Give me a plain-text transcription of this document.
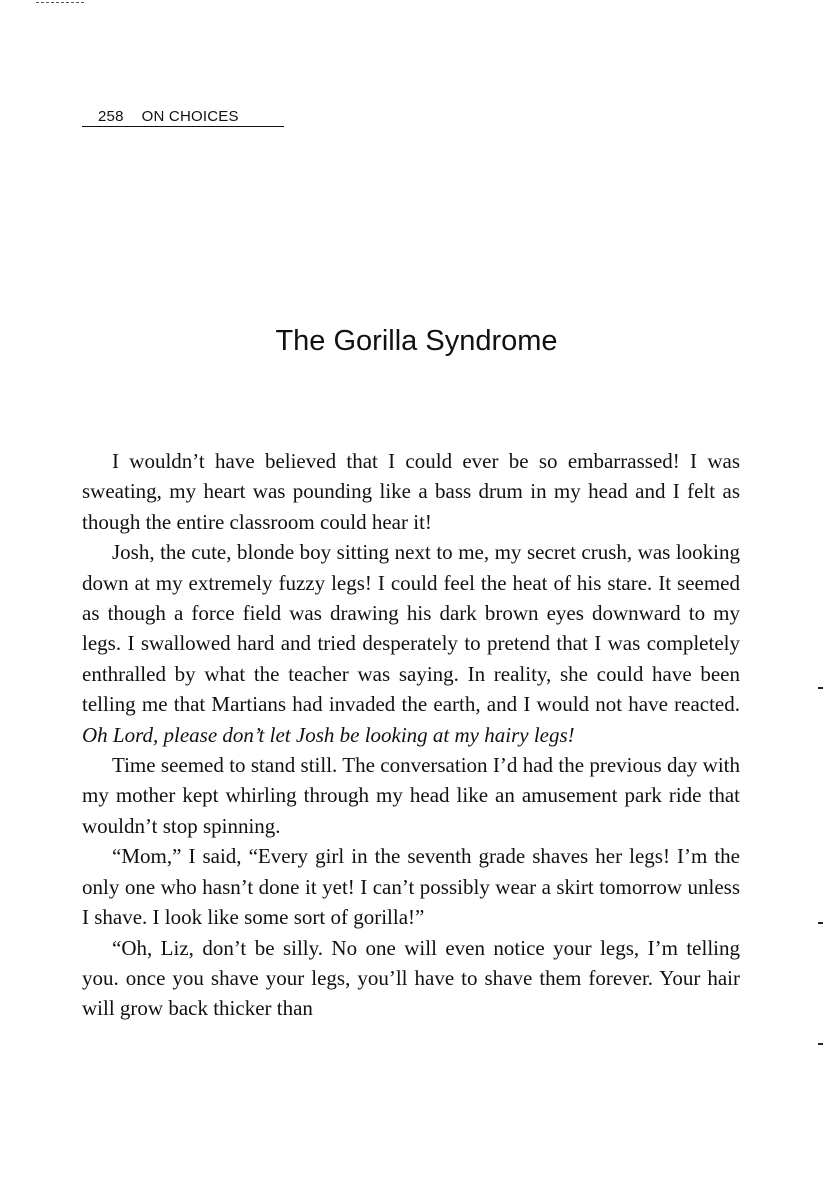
258 ON CHOICES
The Gorilla Syndrome

I wouldn’t have believed that I could ever be so embarrassed! I was sweating, my heart was pounding like a bass drum in my head and I felt as though the entire classroom could hear it!

Josh, the cute, blonde boy sitting next to me, my secret crush, was looking down at my extremely fuzzy legs! I could feel the heat of his stare. It seemed as though a force field was drawing his dark brown eyes downward to my legs. I swallowed hard and tried desperately to pretend that I was completely enthralled by what the teacher was saying. In reality, she could have been telling me that Martians had invaded the earth, and I would not have reacted. Oh Lord, please don’t let Josh be looking at my hairy legs!

Time seemed to stand still. The conversation I’d had the previous day with my mother kept whirling through my head like an amusement park ride that wouldn’t stop spinning.

“Mom,” I said, “Every girl in the seventh grade shaves her legs! I’m the only one who hasn’t done it yet! I can’t possibly wear a skirt tomorrow unless I shave. I look like some sort of gorilla!”

“Oh, Liz, don’t be silly. No one will even notice your legs, I’m telling you. once you shave your legs, you’ll have to shave them forever. Your hair will grow back thicker than
